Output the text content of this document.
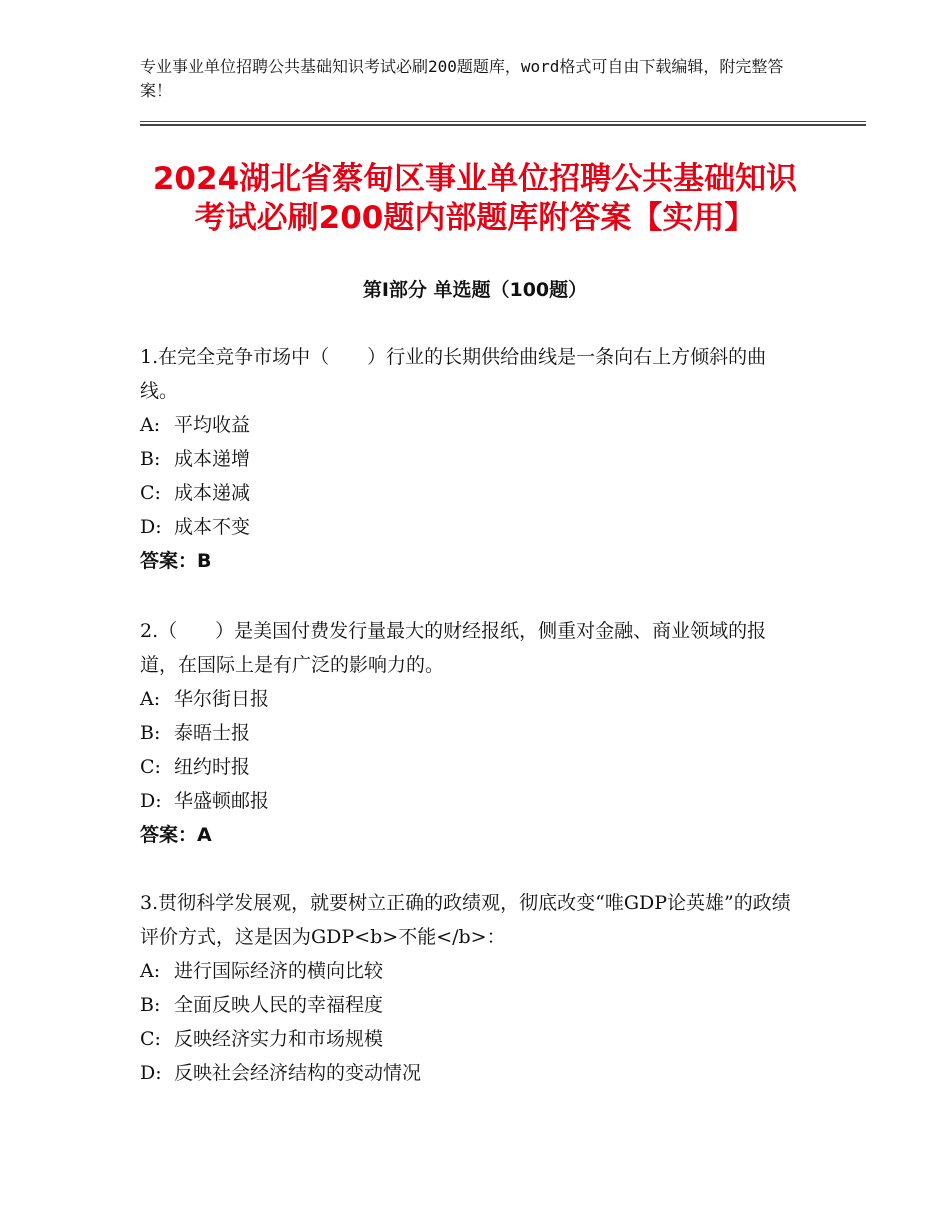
专业事业单位招聘公共基础知识考试必刷200题题库，word格式可自由下载编辑，附完整答案！
2024湖北省蔡甸区事业单位招聘公共基础知识考试必刷200题内部题库附答案【实用】
第Ⅰ部分 单选题（100题）

1.在完全竞争市场中（　　）行业的长期供给曲线是一条向右上方倾斜的曲线。

A: 平均收益

B: 成本递增

C: 成本递减

D: 成本不变

答案：B

2.（　　）是美国付费发行量最大的财经报纸，侧重对金融、商业领域的报道，在国际上是有广泛的影响力的。

A: 华尔街日报

B: 泰晤士报

C: 纽约时报

D: 华盛顿邮报

答案：A

3.贯彻科学发展观，就要树立正确的政绩观，彻底改变“唯GDP论英雄”的政绩评价方式，这是因为GDP<b>不能</b>：

A: 进行国际经济的横向比较

B: 全面反映人民的幸福程度

C: 反映经济实力和市场规模

D: 反映社会经济结构的变动情况
